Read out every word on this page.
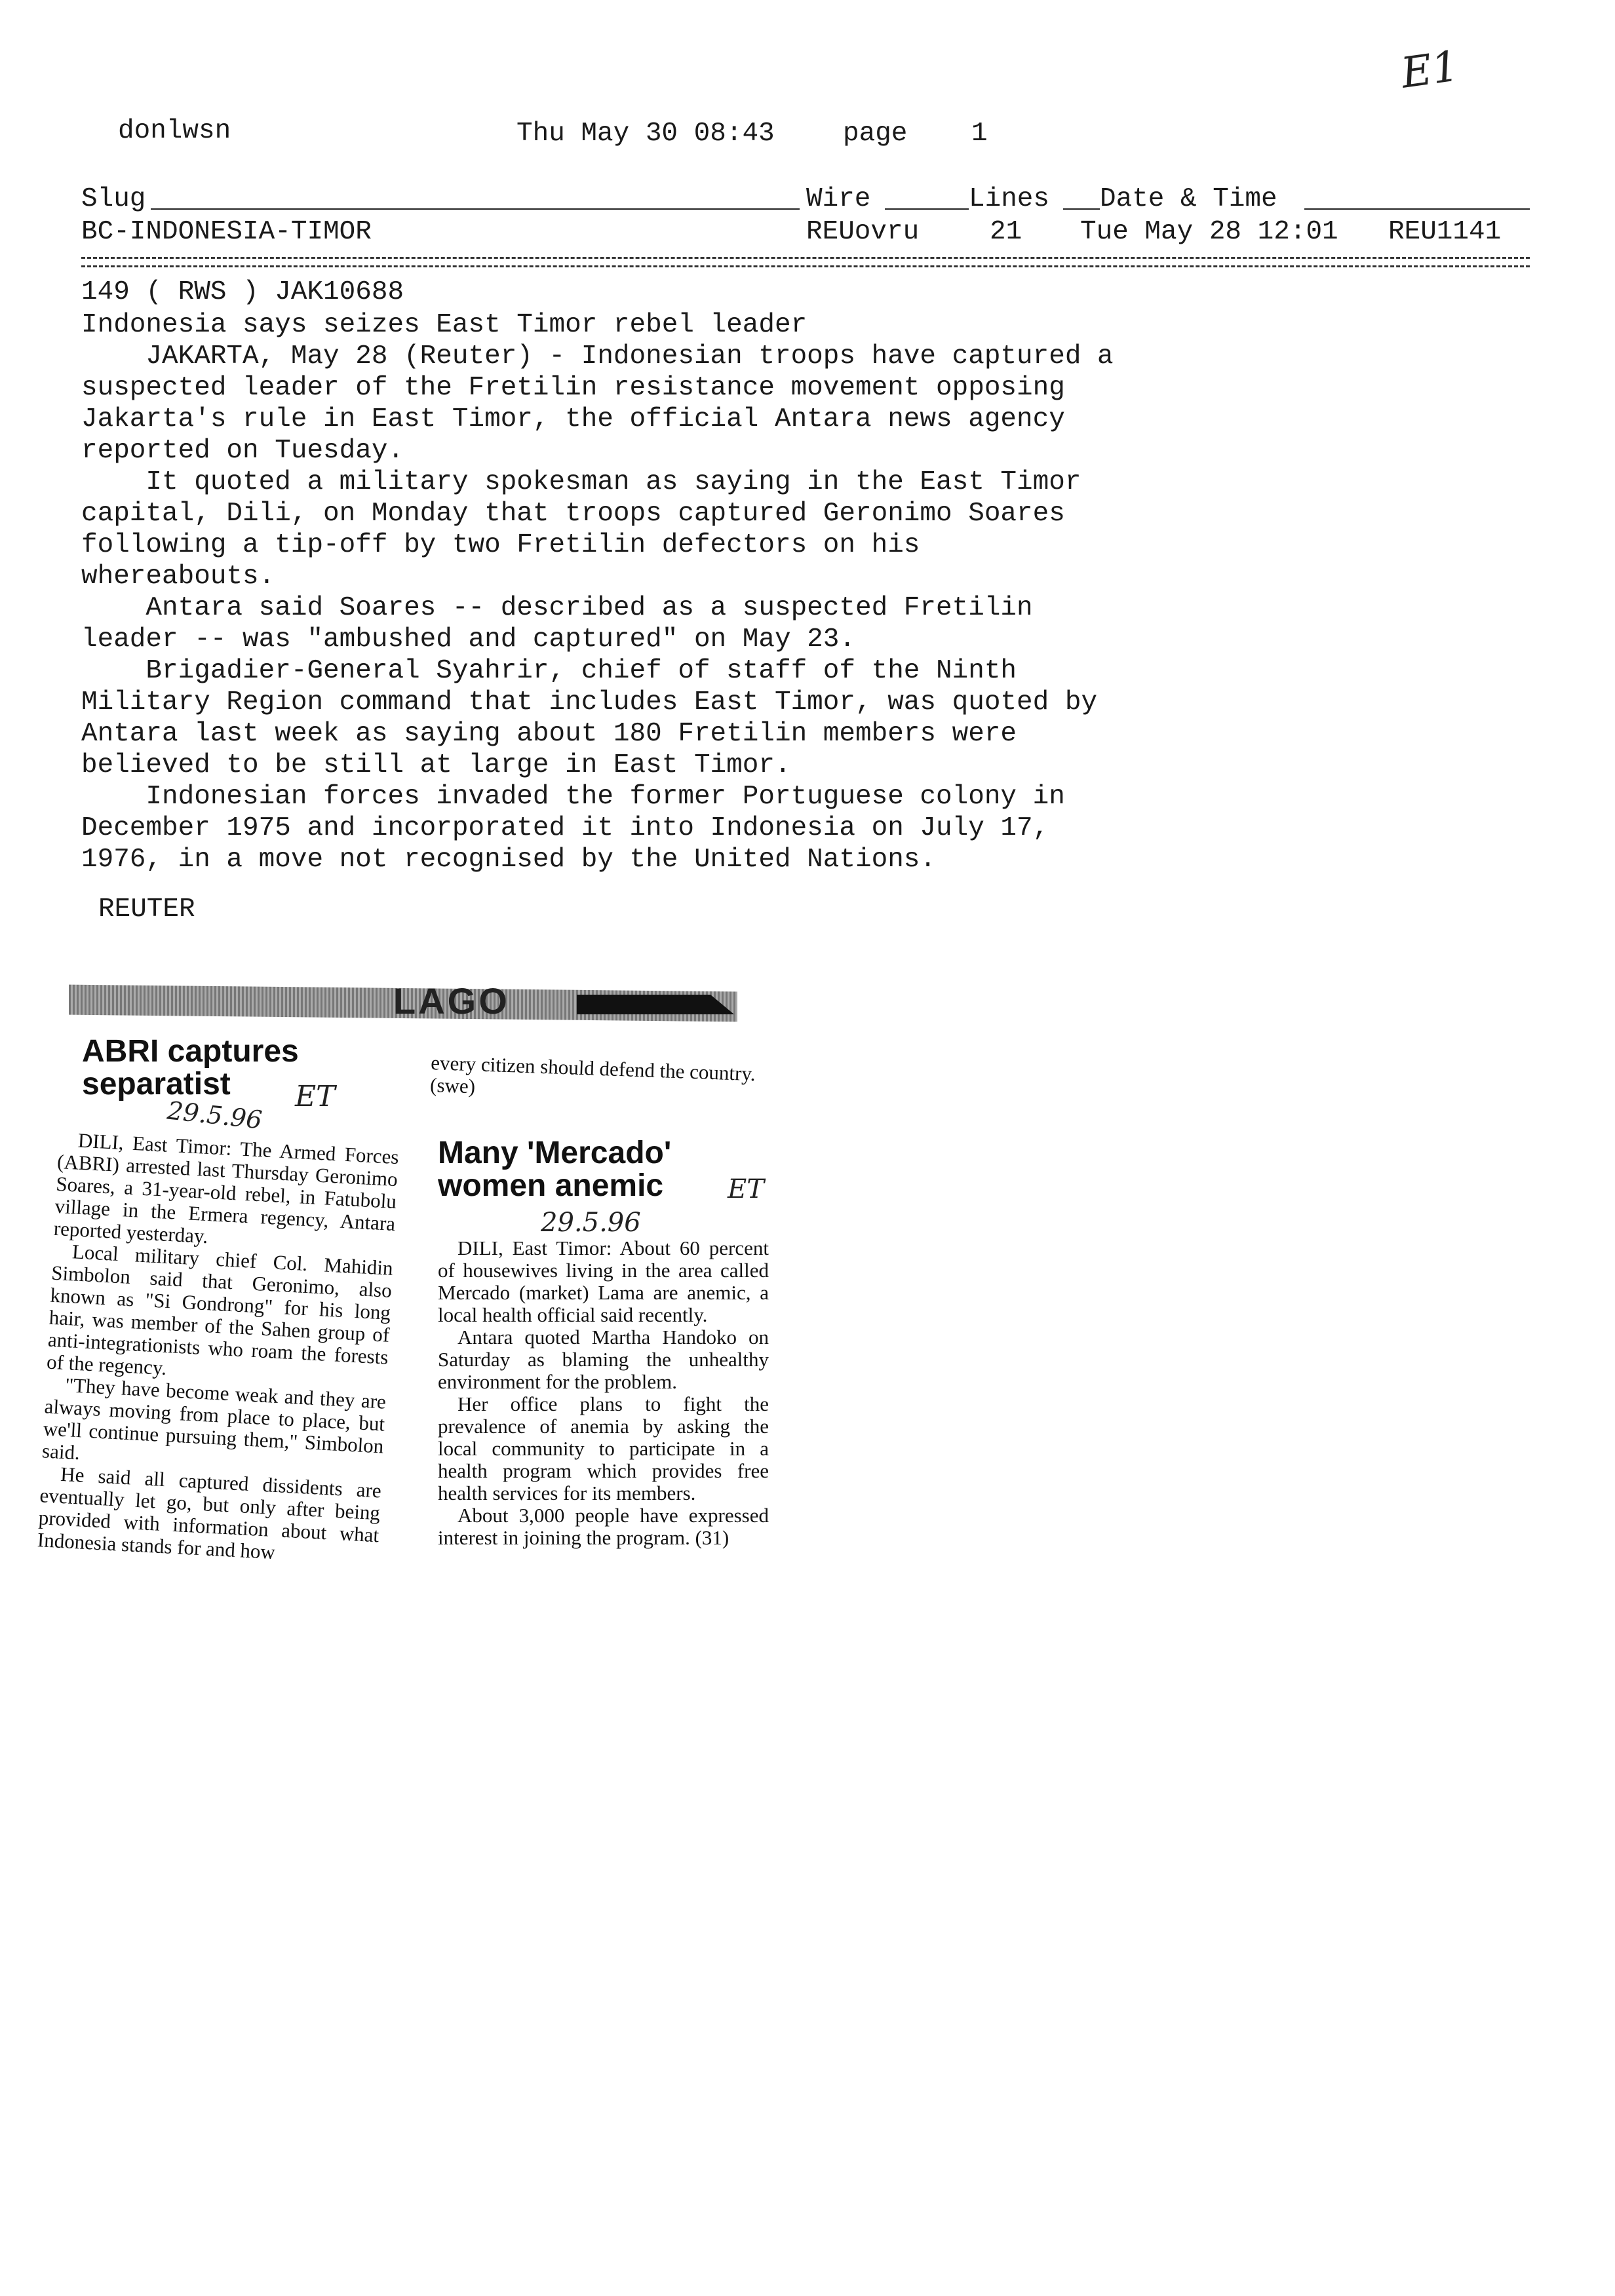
E1
donlwsn	Thu May 30 08:43	page 1
Slug	Wire	Lines Date & Time
BC-INDONESIA-TIMOR	REUovru	21 Tue May 28 12:01 REU1141
149 ( RWS ) JAK10688
Indonesia says seizes East Timor rebel leader
JAKARTA, May 28 (Reuter) - Indonesian troops have captured a
suspected leader of the Fretilin resistance movement opposing
Jakarta's rule in East Timor, the official Antara news agency
reported on Tuesday.
It quoted a military spokesman as saying in the East Timor
capital, Dili, on Monday that troops captured Geronimo Soares
following a tip-off by two Fretilin defectors on his
whereabouts.
Antara said Soares -- described as a suspected Fretilin
leader -- was "ambushed and captured" on May 23.
Brigadier-General Syahrir, chief of staff of the Ninth
Military Region command that includes East Timor, was quoted by
Antara last week as saying about 180 Fretilin members were
believed to be still at large in East Timor.
Indonesian forces invaded the former Portuguese colony in
December 1975 and incorporated it into Indonesia on July 17,
1976, in a move not recognised by the United Nations.
REUTER
LAGO
ABRI captures
separatist	ET
29.5.96

DILI, East Timor: The Armed Forces (ABRI) arrested last Thursday Geronimo Soares, a 31-year-old rebel, in Fatubolu village in the Ermera regency, Antara reported yesterday.

Local military chief Col. Mahidin Simbolon said that Geronimo, also known as "Si Gondrong" for his long hair, was member of the Sahen group of anti-integrationists who roam the forests of the regency.

"They have become weak and they are always moving from place to place, but we'll continue pursuing them," Simbolon said.

He said all captured dissidents are eventually let go, but only after being provided with information about what Indonesia stands for and how

every citizen should defend the country. (swe)

Many 'Mercado'
women anemic	ET
29.5.96

DILI, East Timor: About 60 percent of housewives living in the area called Mercado (market) Lama are anemic, a local health official said recently.

Antara quoted Martha Handoko on Saturday as blaming the unhealthy environment for the problem.

Her office plans to fight the prevalence of anemia by asking the local community to participate in a health program which provides free health services for its members.

About 3,000 people have expressed interest in joining the program. (31)
